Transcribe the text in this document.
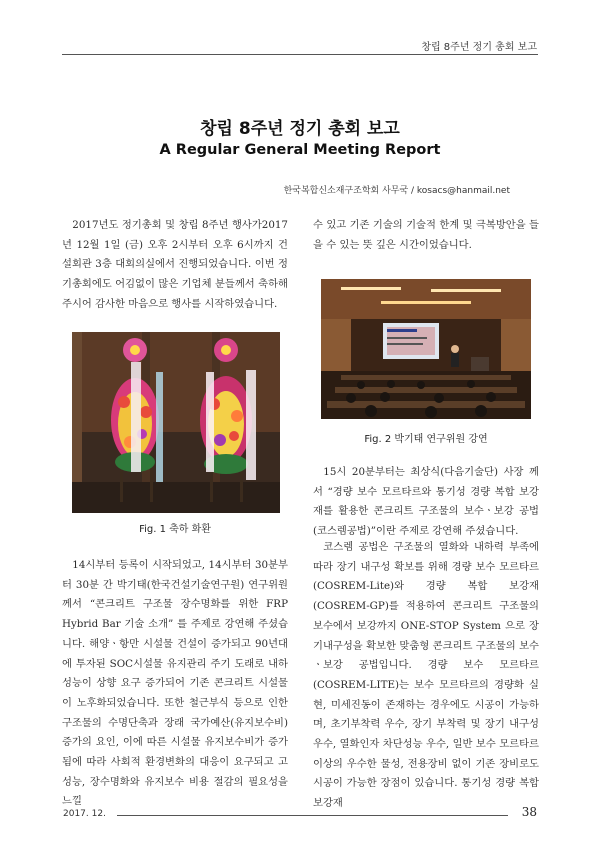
창립 8주년 정기 총회 보고
창립 8주년 정기 총회 보고
A Regular General Meeting Report
한국복합신소재구조학회 사무국 / kosacs@hanmail.net

2017년도 정기총회 및 창립 8주년 행사가2017년 12월 1일 (금) 오후 2시부터 오후 6시까지 건설회관 3층 대회의실에서 진행되었습니다. 이번 정기총회에도 어김없이 많은 기업체 분들께서 축하해주시어 감사한 마음으로 행사를 시작하였습니다.

Fig. 1 축하 화환

14시부터 등록이 시작되었고, 14시부터 30분부터 30분 간 박기태(한국건설기술연구원) 연구위원께서 “콘크리트 구조물 장수명화를 위한 FRP Hybrid Bar 기술 소개” 를 주제로 강연해 주셨습니다. 해양ㆍ항만 시설물 건설이 증가되고 90년대에 투자된 SOC시설물 유지관리 주기 도래로 내하성능이 상향 요구 증가되어 기존 콘크리트 시설물이 노후화되었습니다. 또한 철근부식 등으로 인한 구조물의 수명단축과 장래 국가예산(유지보수비)증가의 요인, 이에 따른 시설물 유지보수비가 증가됨에 따라 사회적 환경변화의 대응이 요구되고 고성능, 장수명화와 유지보수 비용 절감의 필요성을 느낄

수 있고 기존 기술의 기술적 한계 및 극복방안을 들을 수 있는 뜻 깊은 시간이었습니다.

Fig. 2 박기태 연구위원 강연

15시 20분부터는 최상식(다음기술단) 사장 께서 “경량 보수 모르타르와 통기성 경량 복합 보강재를 활용한 콘크리트 구조물의 보수ㆍ보강 공법(코스렘공법)”이란 주제로 강연해 주셨습니다.

코스렘 공법은 구조물의 열화와 내하력 부족에 따라 장기 내구성 확보를 위해 경량 보수 모르타르(COSREM-Lite)와 경량 복합 보강재(COSREM-GP)를 적용하여 콘크리트 구조물의 보수에서 보강까지 ONE-STOP System 으로 장기내구성을 확보한 맞춤형 콘크리트 구조물의 보수ㆍ보강 공법입니다. 경량 보수 모르타르(COSREM-LITE)는 보수 모르타르의 경량화 실현, 미세진동이 존재하는 경우에도 시공이 가능하며, 초기부착력 우수, 장기 부착력 및 장기 내구성 우수, 열화인자 차단성능 우수, 일반 보수 모르타르 이상의 우수한 물성, 전용장비 없이 기존 장비로도 시공이 가능한 장점이 있습니다. 통기성 경량 복합보강재

2017. 12.	38
